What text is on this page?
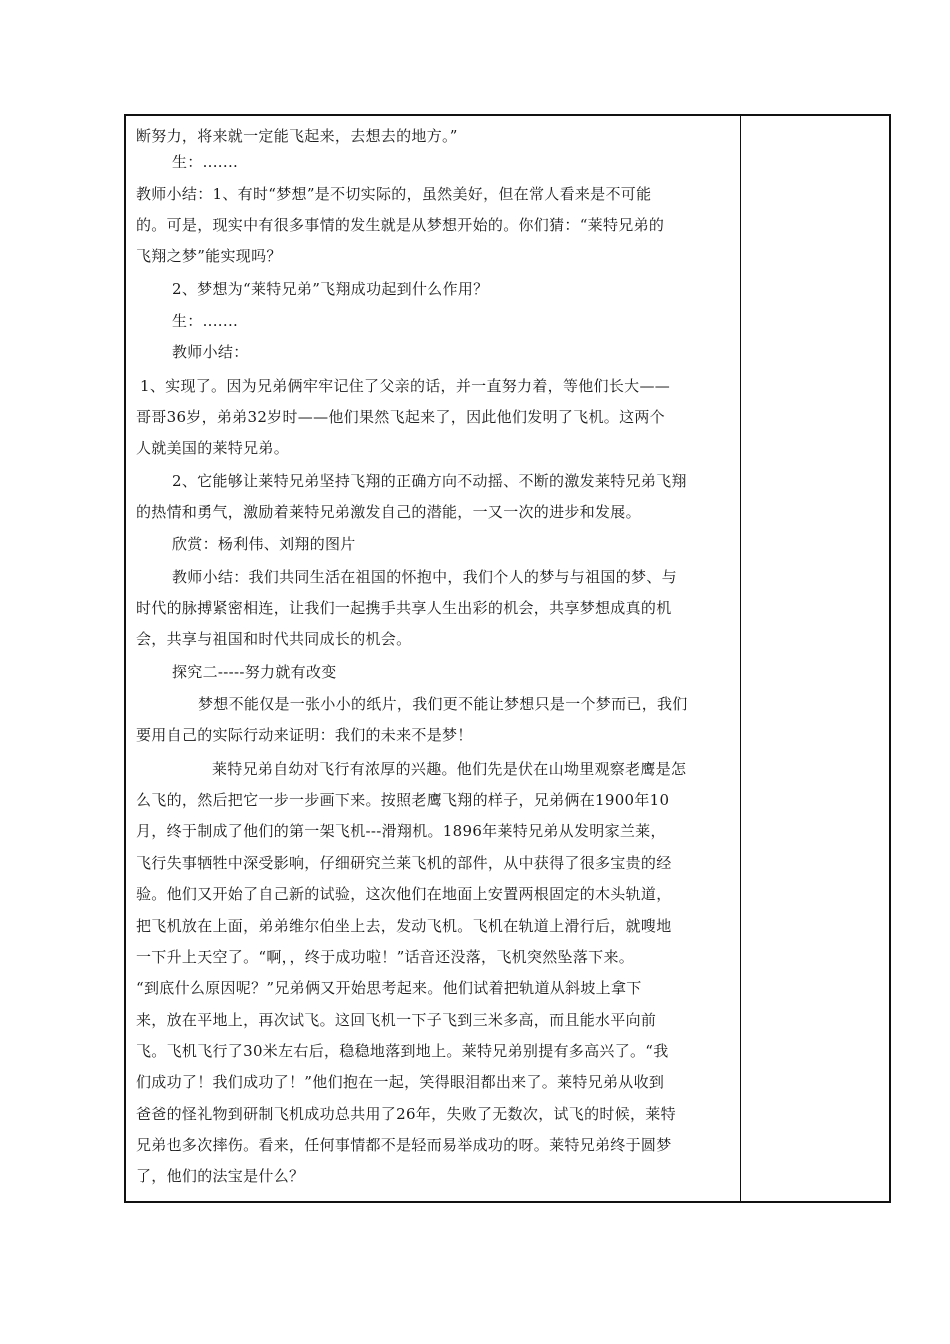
断努力，将来就一定能飞起来，去想去的地方。”
生：.......
教师小结：1、有时“梦想”是不切实际的，虽然美好，但在常人看来是不可能
的。可是，现实中有很多事情的发生就是从梦想开始的。你们猜：“莱特兄弟的
飞翔之梦”能实现吗？
2、梦想为“莱特兄弟”飞翔成功起到什么作用？
生：.......
教师小结：
1、实现了。因为兄弟俩牢牢记住了父亲的话，并一直努力着，等他们长大——
哥哥36岁，弟弟32岁时——他们果然飞起来了，因此他们发明了飞机。这两个
人就美国的莱特兄弟。
2、它能够让莱特兄弟坚持飞翔的正确方向不动摇、不断的激发莱特兄弟飞翔
的热情和勇气，激励着莱特兄弟激发自己的潜能，一又一次的进步和发展。
欣赏：杨利伟、刘翔的图片
教师小结：我们共同生活在祖国的怀抱中，我们个人的梦与与祖国的梦、与
时代的脉搏紧密相连，让我们一起携手共享人生出彩的机会，共享梦想成真的机
会，共享与祖国和时代共同成长的机会。
探究二-----努力就有改变
梦想不能仅是一张小小的纸片，我们更不能让梦想只是一个梦而已，我们
要用自己的实际行动来证明：我们的未来不是梦！
莱特兄弟自幼对飞行有浓厚的兴趣。他们先是伏在山坳里观察老鹰是怎
么飞的，然后把它一步一步画下来。按照老鹰飞翔的样子，兄弟俩在1900年10
月，终于制成了他们的第一架飞机---滑翔机。1896年莱特兄弟从发明家兰莱，
飞行失事牺牲中深受影响，仔细研究兰莱飞机的部件，从中获得了很多宝贵的经
验。他们又开始了自己新的试验，这次他们在地面上安置两根固定的木头轨道，
把飞机放在上面，弟弟维尔伯坐上去，发动飞机。飞机在轨道上滑行后，就嗖地
一下升上天空了。“啊，，终于成功啦！”话音还没落，飞机突然坠落下来。
“到底什么原因呢？”兄弟俩又开始思考起来。他们试着把轨道从斜坡上拿下
来，放在平地上，再次试飞。这回飞机一下子飞到三米多高，而且能水平向前
飞。飞机飞行了30米左右后，稳稳地落到地上。莱特兄弟别提有多高兴了。“我
们成功了！我们成功了！”他们抱在一起，笑得眼泪都出来了。莱特兄弟从收到
爸爸的怪礼物到研制飞机成功总共用了26年，失败了无数次，试飞的时候，莱特
兄弟也多次摔伤。看来，任何事情都不是轻而易举成功的呀。莱特兄弟终于圆梦
了，他们的法宝是什么？
